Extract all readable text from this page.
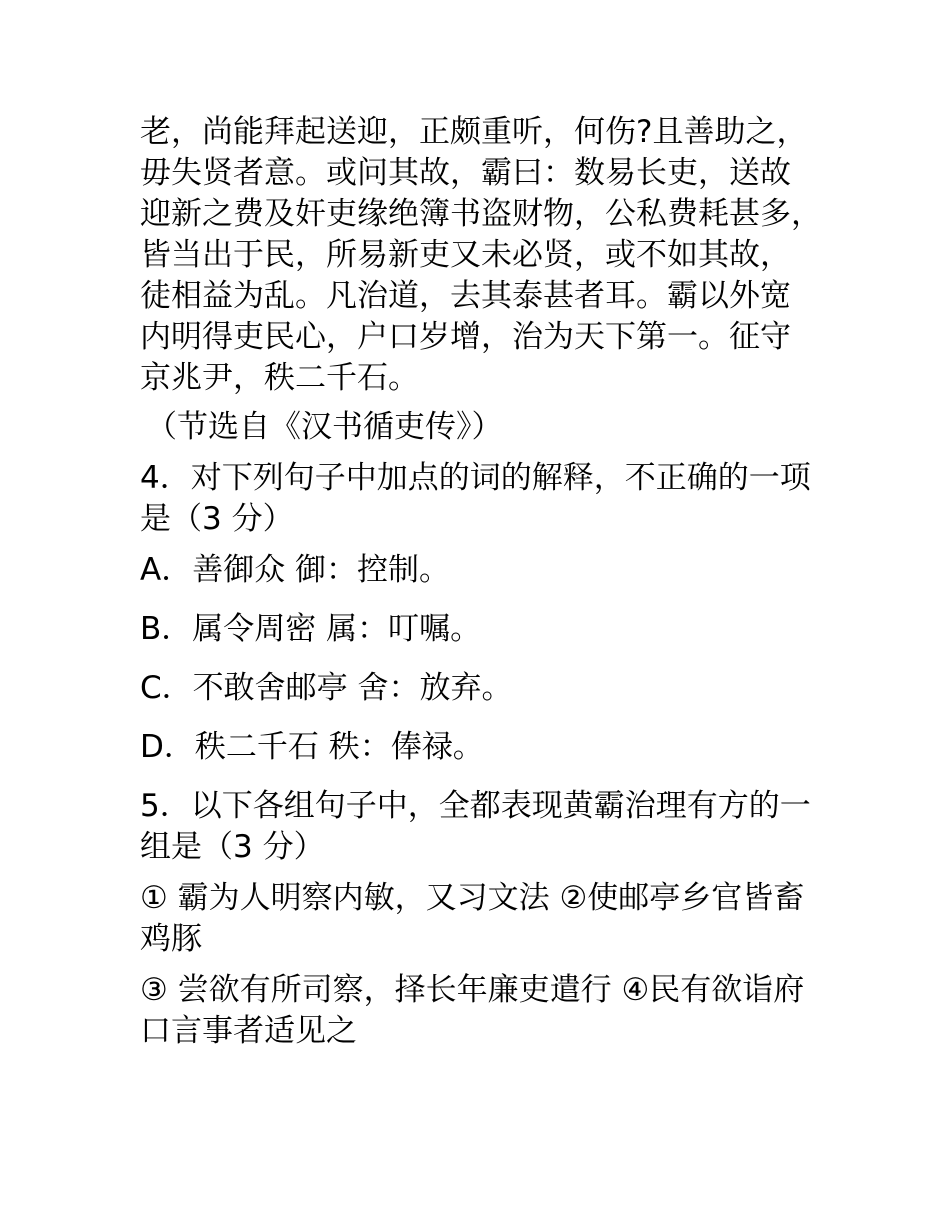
老，尚能拜起送迎，正颇重听，何伤?且善助之，
毋失贤者意。或问其故，霸曰：数易长吏，送故
迎新之费及奸吏缘绝簿书盗财物，公私费耗甚多，
皆当出于民，所易新吏又未必贤，或不如其故，
徒相益为乱。凡治道，去其泰甚者耳。霸以外宽
内明得吏民心，户口岁增，治为天下第一。征守
京兆尹，秩二千石。
（节选自《汉书循吏传》）
4．对下列句子中加点的词的解释，不正确的一项
是（3 分）
A．善御众 御：控制。
B．属令周密 属：叮嘱。
C．不敢舍邮亭 舍：放弃。
D．秩二千石 秩：俸禄。
5．以下各组句子中，全都表现黄霸治理有方的一
组是（3 分）
① 霸为人明察内敏，又习文法 ②使邮亭乡官皆畜
鸡豚
③ 尝欲有所司察，择长年廉吏遣行 ④民有欲诣府
口言事者适见之
